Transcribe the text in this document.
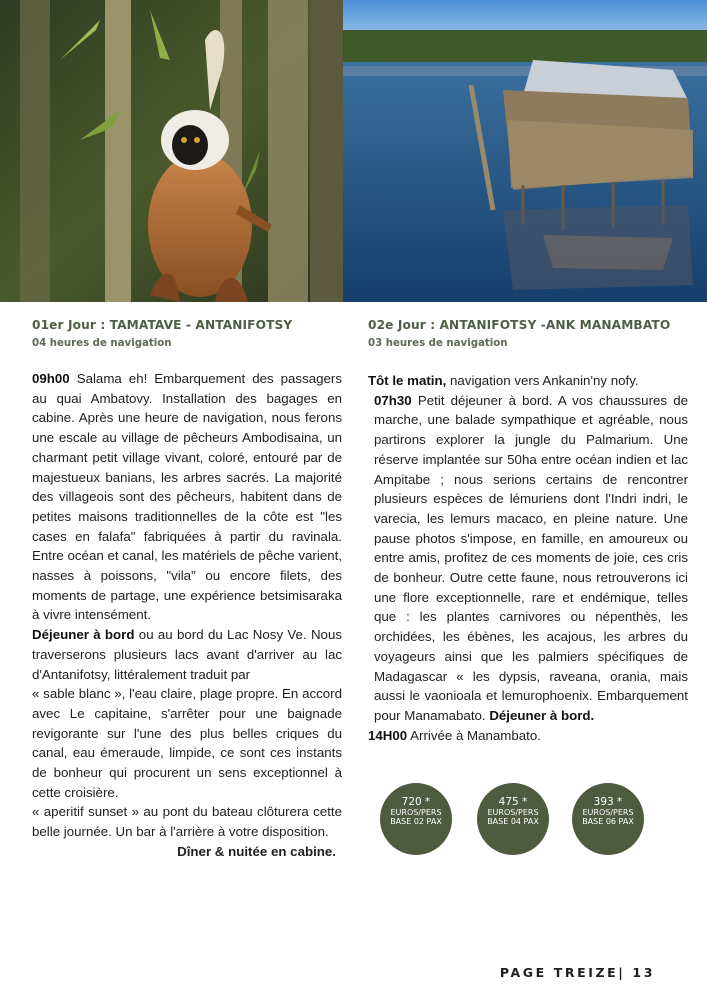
01er Jour : TAMATAVE - ANTANIFOTSY
04 heures de navigation

09h00 Salama eh! Embarquement des passagers au quai Ambatovy. Installation des bagages en cabine. Après une heure de navigation, nous ferons une escale au village de pêcheurs Ambodisaina, un charmant petit village vivant, coloré, entouré par de majestueux banians, les arbres sacrés. La majorité des villageois sont des pêcheurs, habitent dans de petites maisons traditionnelles de la côte est "les cases en falafa" fabriquées à partir du ravinala. Entre océan et canal, les matériels de pêche varient, nasses à poissons, "vila" ou encore filets, des moments de partage, une expérience betsimisaraka à vivre intensément.

Déjeuner à bord ou au bord du Lac Nosy Ve. Nous traverserons plusieurs lacs avant d'arriver au lac d'Antanifotsy, littéralement traduit par

« sable blanc », l'eau claire, plage propre. En accord avec Le capitaine, s'arrêter pour une baignade revigorante sur l'une des plus belles criques du canal, eau émeraude, limpide, ce sont ces instants de bonheur qui procurent un sens exceptionnel à cette croisière.

« aperitif sunset » au pont du bateau clôturera cette belle journée. Un bar à l'arrière à votre disposition.

Dîner & nuitée en cabine.

02e Jour : ANTANIFOTSY -ANK MANAMBATO
03 heures de navigation

Tôt le matin, navigation vers Ankanin'ny nofy.

07h30 Petit déjeuner à bord. A vos chaussures de marche, une balade sympathique et agréable, nous partirons explorer la jungle du Palmarium. Une réserve implantée sur 50ha entre océan indien et lac Ampitabe ; nous serions certains de rencontrer plusieurs espèces de lémuriens dont l'Indri indri, le varecia, les lemurs macaco, en pleine nature. Une pause photos s'impose, en famille, en amoureux ou entre amis, profitez de ces moments de joie, ces cris de bonheur. Outre cette faune, nous retrouverons ici une flore exceptionnelle, rare et endémique, telles que : les plantes carnivores ou népenthès, les orchidées, les ébènes, les acajous, les arbres du voyageurs ainsi que les palmiers spécifiques de Madagascar « les dypsis, raveana, orania, mais aussi le vaonioala et lemurophoenix. Embarquement pour Manamabato. Déjeuner à bord.

14H00 Arrivée à Manambato.

720 *
EUROS/PERS
BASE 02 PAX
475 *
EUROS/PERS
BASE 04 PAX
393 *
EUROS/PERS
BASE 06 PAX
PAGE TREIZE| 13
